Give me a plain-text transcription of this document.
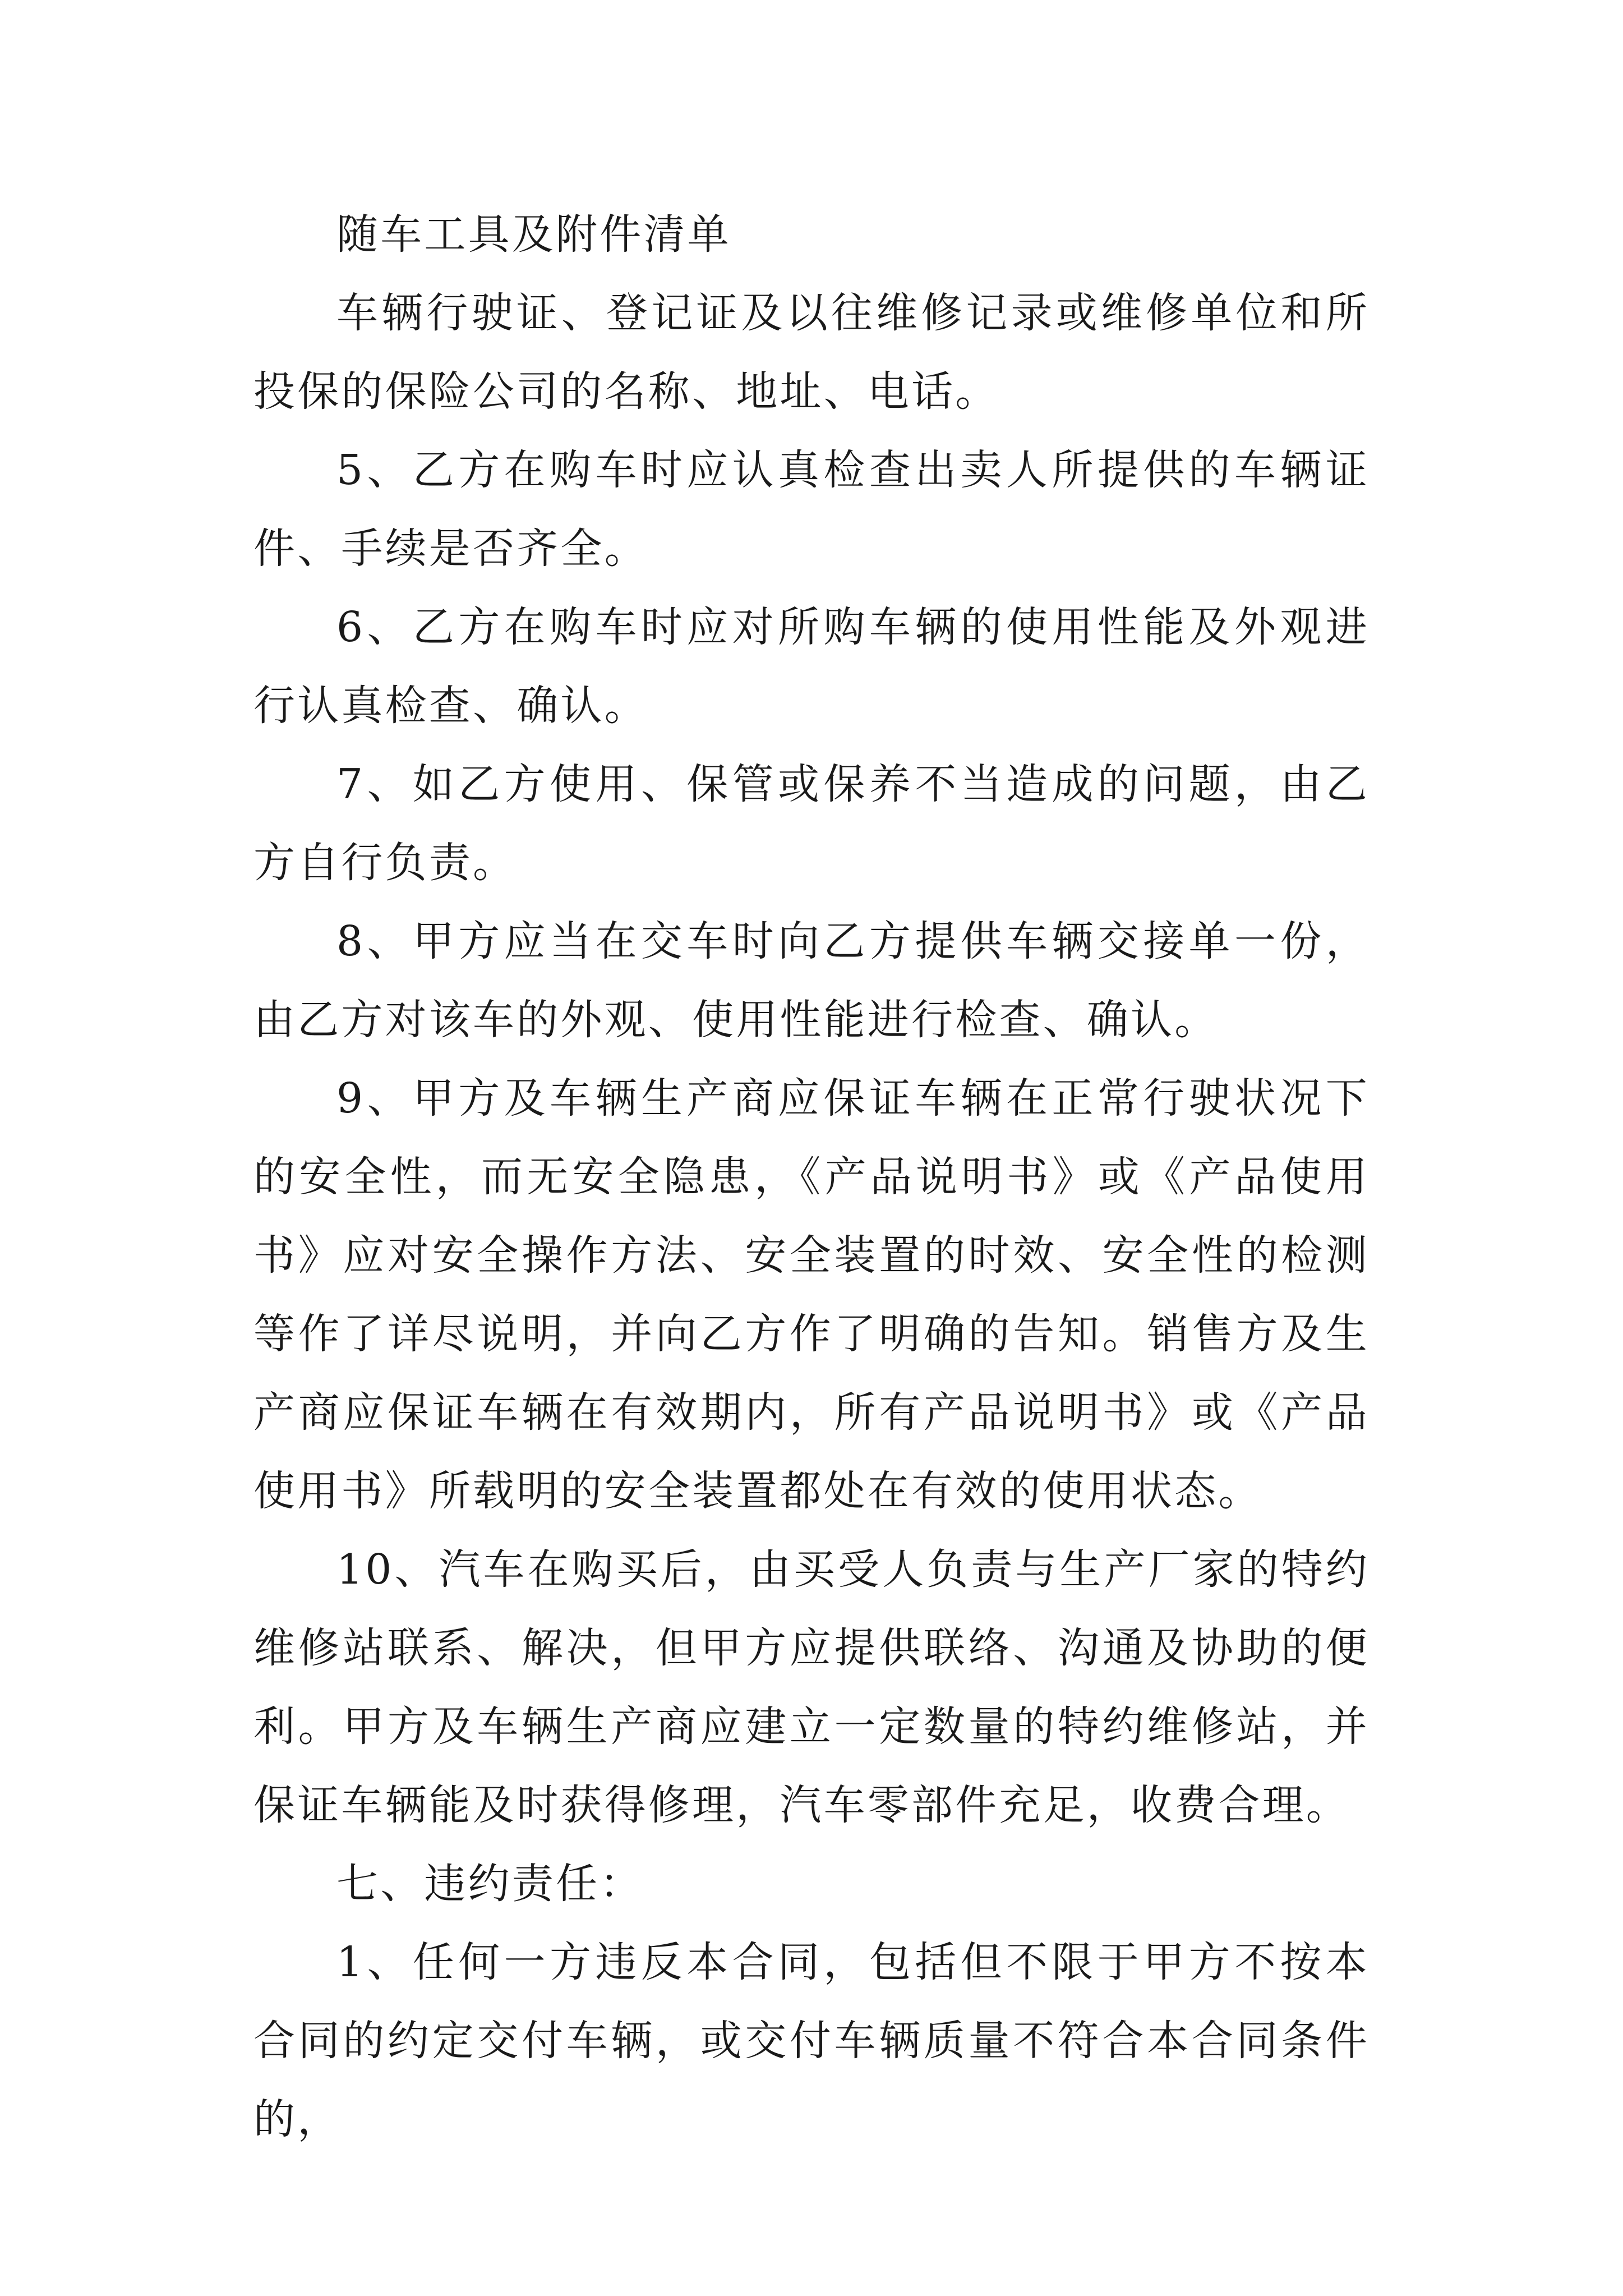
随车工具及附件清单

车辆行驶证、登记证及以往维修记录或维修单位和所投保的保险公司的名称、地址、电话。

5、乙方在购车时应认真检查出卖人所提供的车辆证件、手续是否齐全。

6、乙方在购车时应对所购车辆的使用性能及外观进行认真检查、确认。

7、如乙方使用、保管或保养不当造成的问题，由乙方自行负责。

8、甲方应当在交车时向乙方提供车辆交接单一份，由乙方对该车的外观、使用性能进行检查、确认。

9、甲方及车辆生产商应保证车辆在正常行驶状况下的安全性，而无安全隐患，《产品说明书》或《产品使用书》应对安全操作方法、安全装置的时效、安全性的检测等作了详尽说明，并向乙方作了明确的告知。销售方及生产商应保证车辆在有效期内，所有产品说明书》或《产品使用书》所载明的安全装置都处在有效的使用状态。

10、汽车在购买后，由买受人负责与生产厂家的特约维修站联系、解决，但甲方应提供联络、沟通及协助的便利。甲方及车辆生产商应建立一定数量的特约维修站，并保证车辆能及时获得修理，汽车零部件充足，收费合理。

七、违约责任：

1、任何一方违反本合同，包括但不限于甲方不按本合同的约定交付车辆，或交付车辆质量不符合本合同条件的，
